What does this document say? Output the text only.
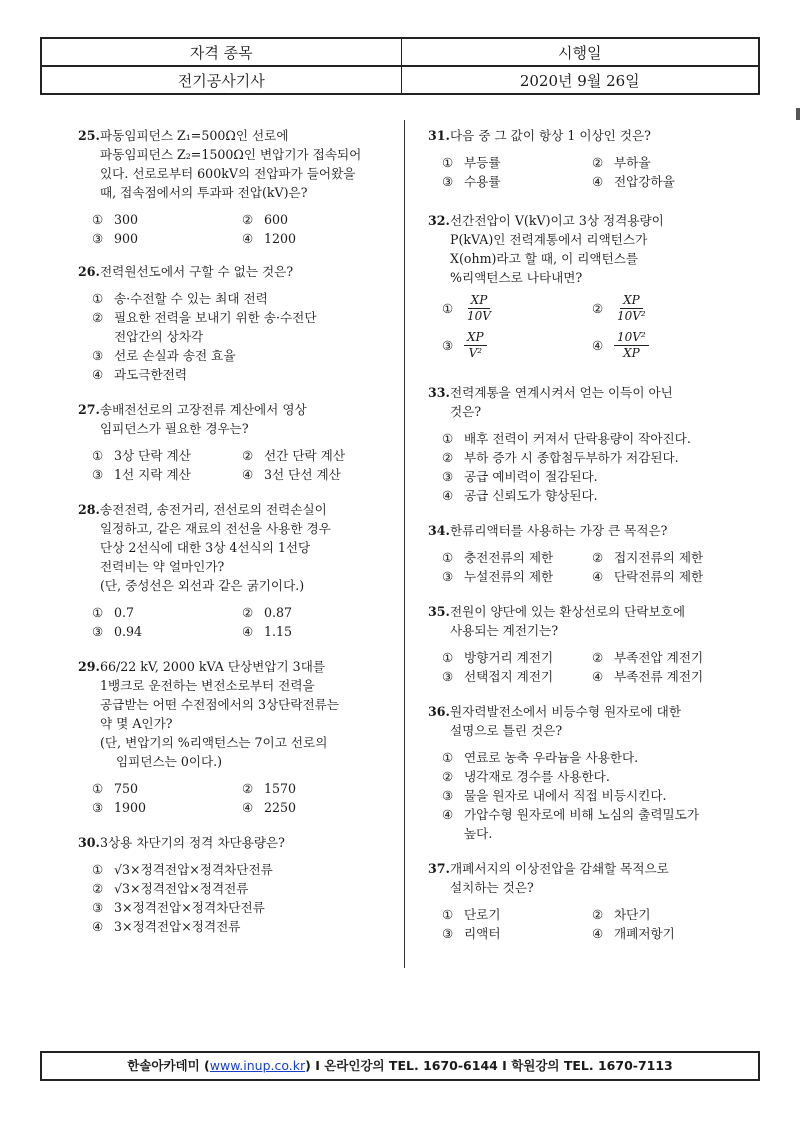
자격 종목	시행일
전기공사기사	2020년 9월 26일
25. 파동임피던스 Z₁=500Ω인 선로에
파동임피던스 Z₂=1500Ω인 변압기가 접속되어
있다. 선로로부터 600kV의 전압파가 들어왔을
때, 접속점에서의 투과파 전압(kV)은?
① 300	② 600
③ 900	④ 1200
26. 전력원선도에서 구할 수 없는 것은?
① 송·수전할 수 있는 최대 전력
② 필요한 전력을 보내기 위한 송·수전단
전압간의 상차각
③ 선로 손실과 송전 효율
④ 과도극한전력
27. 송배전선로의 고장전류 계산에서 영상
임피던스가 필요한 경우는?
① 3상 단락 계산	② 선간 단락 계산
③ 1선 지락 계산	④ 3선 단선 계산
28. 송전전력, 송전거리, 전선로의 전력손실이
일정하고, 같은 재료의 전선을 사용한 경우
단상 2선식에 대한 3상 4선식의 1선당
전력비는 약 얼마인가?
(단, 중성선은 외선과 같은 굵기이다.)
① 0.7	② 0.87
③ 0.94	④ 1.15
29. 66/22 kV, 2000 kVA 단상변압기 3대를
1뱅크로 운전하는 변전소로부터 전력을
공급받는 어떤 수전점에서의 3상단락전류는
약 몇 A인가?
(단, 변압기의 %리액턴스는 7이고 선로의
임피던스는 0이다.)
① 750	② 1570
③ 1900	④ 2250
30. 3상용 차단기의 정격 차단용량은?
① √3×정격전압×정격차단전류
② √3×정격전압×정격전류
③ 3×정격전압×정격차단전류
④ 3×정격전압×정격전류
31. 다음 중 그 값이 항상 1 이상인 것은?
① 부등률	② 부하율
③ 수용률	④ 전압강하율
32. 선간전압이 V(kV)이고 3상 정격용량이
P(kVA)인 전력계통에서 리액턴스가
X(ohm)라고 할 때, 이 리액턴스를
%리액턴스로 나타내면?
① $\frac{XP}{10V}$	② $\frac{XP}{\text{10V²}}$
③ $\frac{XP}{\text{V²}}$	④ $\frac{\text{10V²}}{XP}$
33. 전력계통을 연계시켜서 얻는 이득이 아닌
것은?
① 배후 전력이 커져서 단락용량이 작아진다.
② 부하 증가 시 종합첨두부하가 저감된다.
③ 공급 예비력이 절감된다.
④ 공급 신뢰도가 향상된다.
34. 한류리액터를 사용하는 가장 큰 목적은?
① 충전전류의 제한	② 접지전류의 제한
③ 누설전류의 제한	④ 단락전류의 제한
35. 전원이 양단에 있는 환상선로의 단락보호에
사용되는 계전기는?
① 방향거리 계전기	② 부족전압 계전기
③ 선택접지 계전기	④ 부족전류 계전기
36. 원자력발전소에서 비등수형 원자로에 대한
설명으로 틀린 것은?
① 연료로 농축 우라늄을 사용한다.
② 냉각재로 경수를 사용한다.
③ 물을 원자로 내에서 직접 비등시킨다.
④ 가압수형 원자로에 비해 노심의 출력밀도가
높다.
37. 개폐서지의 이상전압을 감쇄할 목적으로
설치하는 것은?
① 단로기	② 차단기
③ 리액터	④ 개폐저항기
한솔아카데미 (www.inup.co.kr) I 온라인강의 TEL. 1670-6144 I 학원강의 TEL. 1670-7113
